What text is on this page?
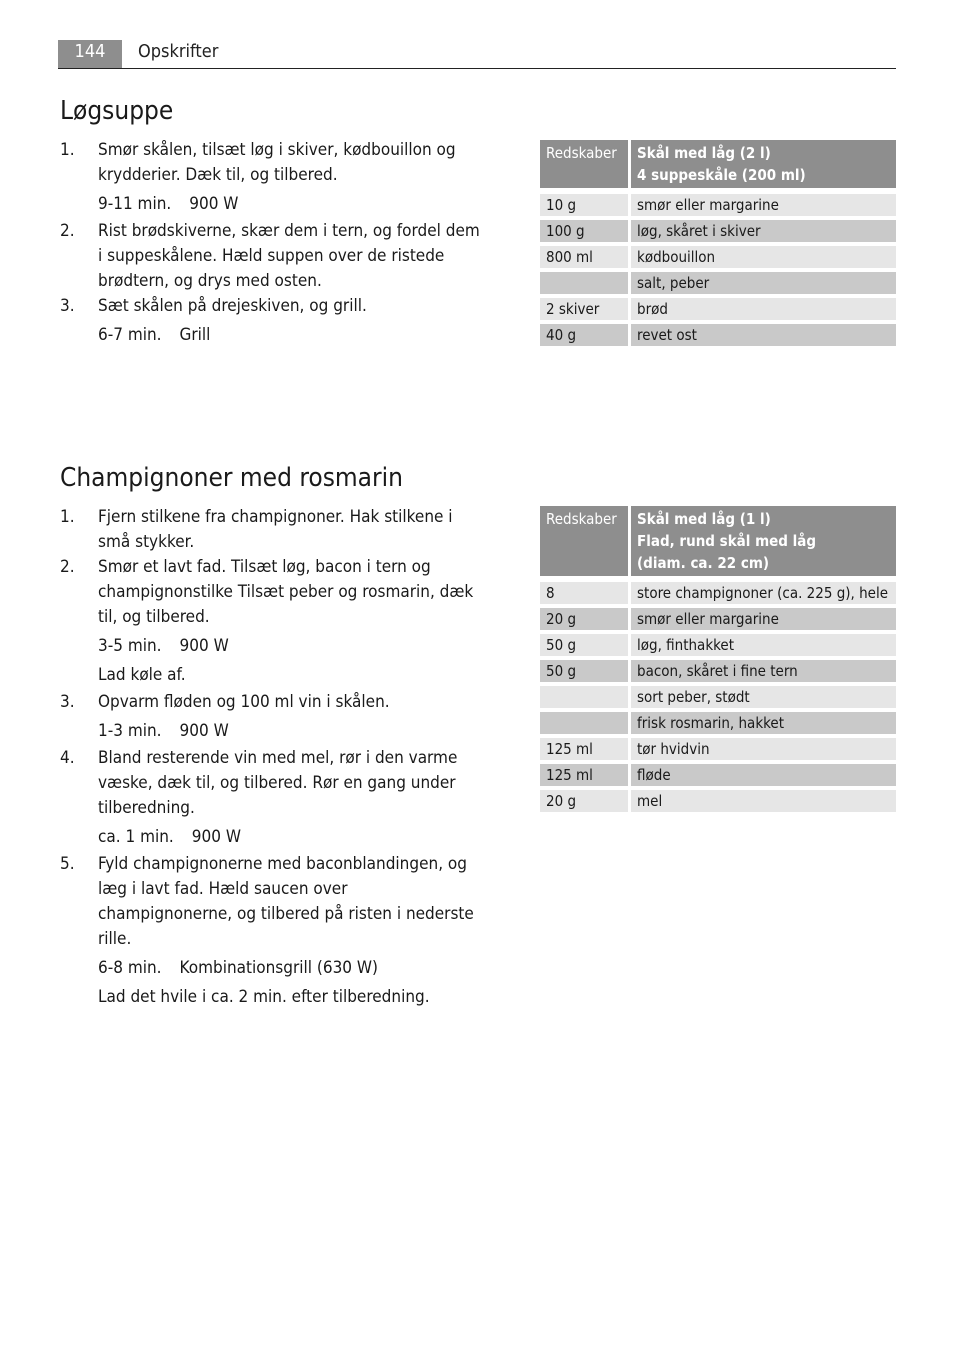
144	Opskrifter
Løgsuppe
1.	Smør skålen, tilsæt løg i skiver, kødbouillon og krydderier. Dæk til, og tilbered.
9-11 min. 900 W
2.	Rist brødskiverne, skær dem i tern, og fordel dem i suppeskålene. Hæld suppen over de ristede brødtern, og drys med osten.
3.	Sæt skålen på drejeskiven, og grill.
6-7 min. Grill
Redskaber	Skål med låg (2 l)
4 suppeskåle (200 ml)

10 g	smør eller margarine
100 g	løg, skåret i skiver
800 ml	kødbouillon
	salt, peber
2 skiver	brød
40 g	revet ost
Champignoner med rosmarin
1.	Fjern stilkene fra champignoner. Hak stilkene i små stykker.
2.	Smør et lavt fad. Tilsæt løg, bacon i tern og champignonstilke Tilsæt peber og rosmarin, dæk til, og tilbered.
3-5 min. 900 W
Lad køle af.
3.	Opvarm fløden og 100 ml vin i skålen.
1-3 min. 900 W
4.	Bland resterende vin med mel, rør i den varme væske, dæk til, og tilbered. Rør en gang under tilberedning.
ca. 1 min. 900 W
5.	Fyld champignonerne med baconblandingen, og læg i lavt fad. Hæld saucen over champignonerne, og tilbered på risten i nederste rille.
6-8 min. Kombinationsgrill (630 W)
Lad det hvile i ca. 2 min. efter tilberedning.
Redskaber	Skål med låg (1 l)
Flad, rund skål med låg
(diam. ca. 22 cm)

8	store champignoner (ca. 225 g), hele
20 g	smør eller margarine
50 g	løg, finthakket
50 g	bacon, skåret i fine tern
	sort peber, stødt
	frisk rosmarin, hakket
125 ml	tør hvidvin
125 ml	fløde
20 g	mel
